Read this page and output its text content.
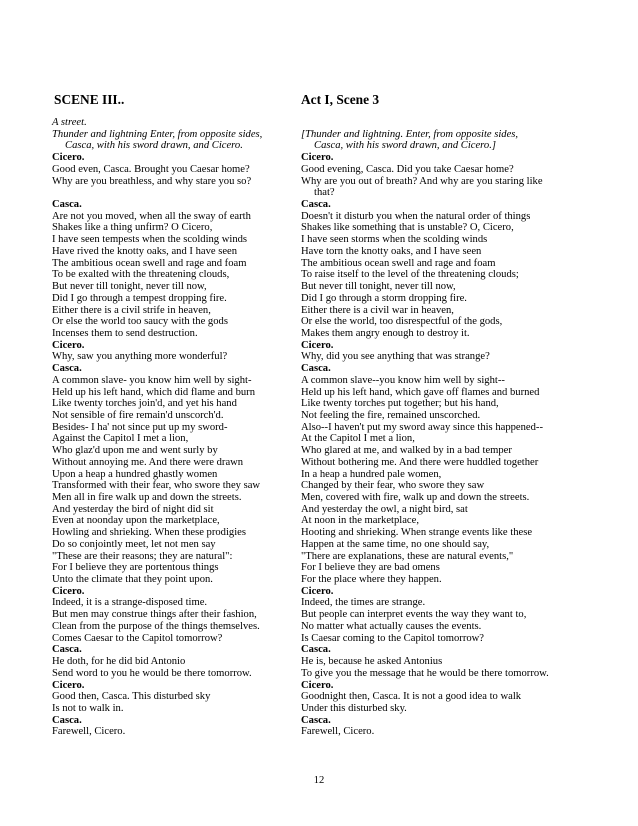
SCENE III..
A street.
Thunder and lightning Enter, from opposite sides,
Casca, with his sword drawn, and Cicero.
Cicero.
Good even, Casca. Brought you Caesar home?
Why are you breathless, and why stare you so?
Casca.
Are not you moved, when all the sway of earth
Shakes like a thing unfirm? O Cicero,
I have seen tempests when the scolding winds
Have rived the knotty oaks, and I have seen
The ambitious ocean swell and rage and foam
To be exalted with the threatening clouds,
But never till tonight, never till now,
Did I go through a tempest dropping fire.
Either there is a civil strife in heaven,
Or else the world too saucy with the gods
Incenses them to send destruction.
Cicero.
Why, saw you anything more wonderful?
Casca.
A common slave- you know him well by sight-
Held up his left hand, which did flame and burn
Like twenty torches join'd, and yet his hand
Not sensible of fire remain'd unscorch'd.
Besides- I ha' not since put up my sword-
Against the Capitol I met a lion,
Who glaz'd upon me and went surly by
Without annoying me. And there were drawn
Upon a heap a hundred ghastly women
Transformed with their fear, who swore they saw
Men all in fire walk up and down the streets.
And yesterday the bird of night did sit
Even at noonday upon the marketplace,
Howling and shrieking. When these prodigies
Do so conjointly meet, let not men say
"These are their reasons; they are natural":
For I believe they are portentous things
Unto the climate that they point upon.
Cicero.
Indeed, it is a strange-disposed time.
But men may construe things after their fashion,
Clean from the purpose of the things themselves.
Comes Caesar to the Capitol tomorrow?
Casca.
He doth, for he did bid Antonio
Send word to you he would be there tomorrow.
Cicero.
Good then, Casca. This disturbed sky
Is not to walk in.
Casca.
Farewell, Cicero.
Act I, Scene 3
[Thunder and lightning. Enter, from opposite sides,
Casca, with his sword drawn, and Cicero.]
Cicero.
Good evening, Casca. Did you take Caesar home?
Why are you out of breath? And why are you staring like
that?
Casca.
Doesn't it disturb you when the natural order of things
Shakes like something that is unstable? O, Cicero,
I have seen storms when the scolding winds
Have torn the knotty oaks, and I have seen
The ambitious ocean swell and rage and foam
To raise itself to the level of the threatening clouds;
But never till tonight, never till now,
Did I go through a storm dropping fire.
Either there is a civil war in heaven,
Or else the world, too disrespectful of the gods,
Makes them angry enough to destroy it.
Cicero.
Why, did you see anything that was strange?
Casca.
A common slave--you know him well by sight--
Held up his left hand, which gave off flames and burned
Like twenty torches put together; but his hand,
Not feeling the fire, remained unscorched.
Also--I haven't put my sword away since this happened--
At the Capitol I met a lion,
Who glared at me, and walked by in a bad temper
Without bothering me. And there were huddled together
In a heap a hundred pale women,
Changed by their fear, who swore they saw
Men, covered with fire, walk up and down the streets.
And yesterday the owl, a night bird, sat
At noon in the marketplace,
Hooting and shrieking. When strange events like these
Happen at the same time, no one should say,
"There are explanations, these are natural events,"
For I believe they are bad omens
For the place where they happen.
Cicero.
Indeed, the times are strange.
But people can interpret events the way they want to,
No matter what actually causes the events.
Is Caesar coming to the Capitol tomorrow?
Casca.
He is, because he asked Antonius
To give you the message that he would be there tomorrow.
Cicero.
Goodnight then, Casca. It is not a good idea to walk
Under this disturbed sky.
Casca.
Farewell, Cicero.
12
